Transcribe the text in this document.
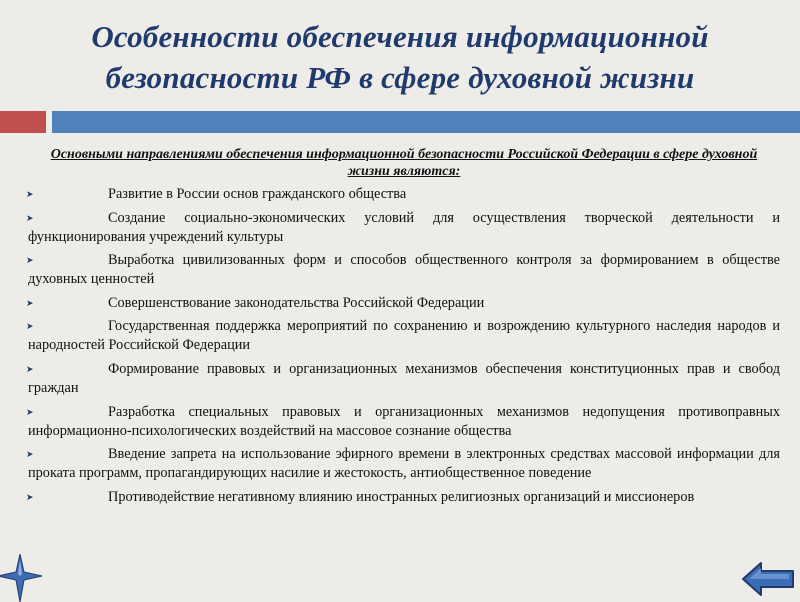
Особенности обеспечения информационной безопасности РФ в сфере духовной жизни
Основными направлениями обеспечения информационной безопасности Российской Федерации в сфере духовной жизни являются:
➤	Развитие в России основ гражданского общества
➤	Создание социально-экономических условий для осуществления творческой деятельности и функционирования учреждений культуры
➤	Выработка цивилизованных форм и способов общественного контроля за формированием в обществе духовных ценностей
➤	Совершенствование законодательства Российской Федерации
➤	Государственная поддержка мероприятий по сохранению и возрождению культурного наследия народов и народностей Российской Федерации
➤	Формирование правовых и организационных механизмов обеспечения конституционных прав и свобод граждан
➤	Разработка специальных правовых и организационных механизмов недопущения противоправных информационно-психологических воздействий на массовое сознание общества
➤	Введение запрета на использование эфирного времени в электронных средствах массовой информации для проката программ, пропагандирующих насилие и жестокость, антиобщественное поведение
➤	Противодействие негативному влиянию иностранных религиозных организаций и миссионеров
